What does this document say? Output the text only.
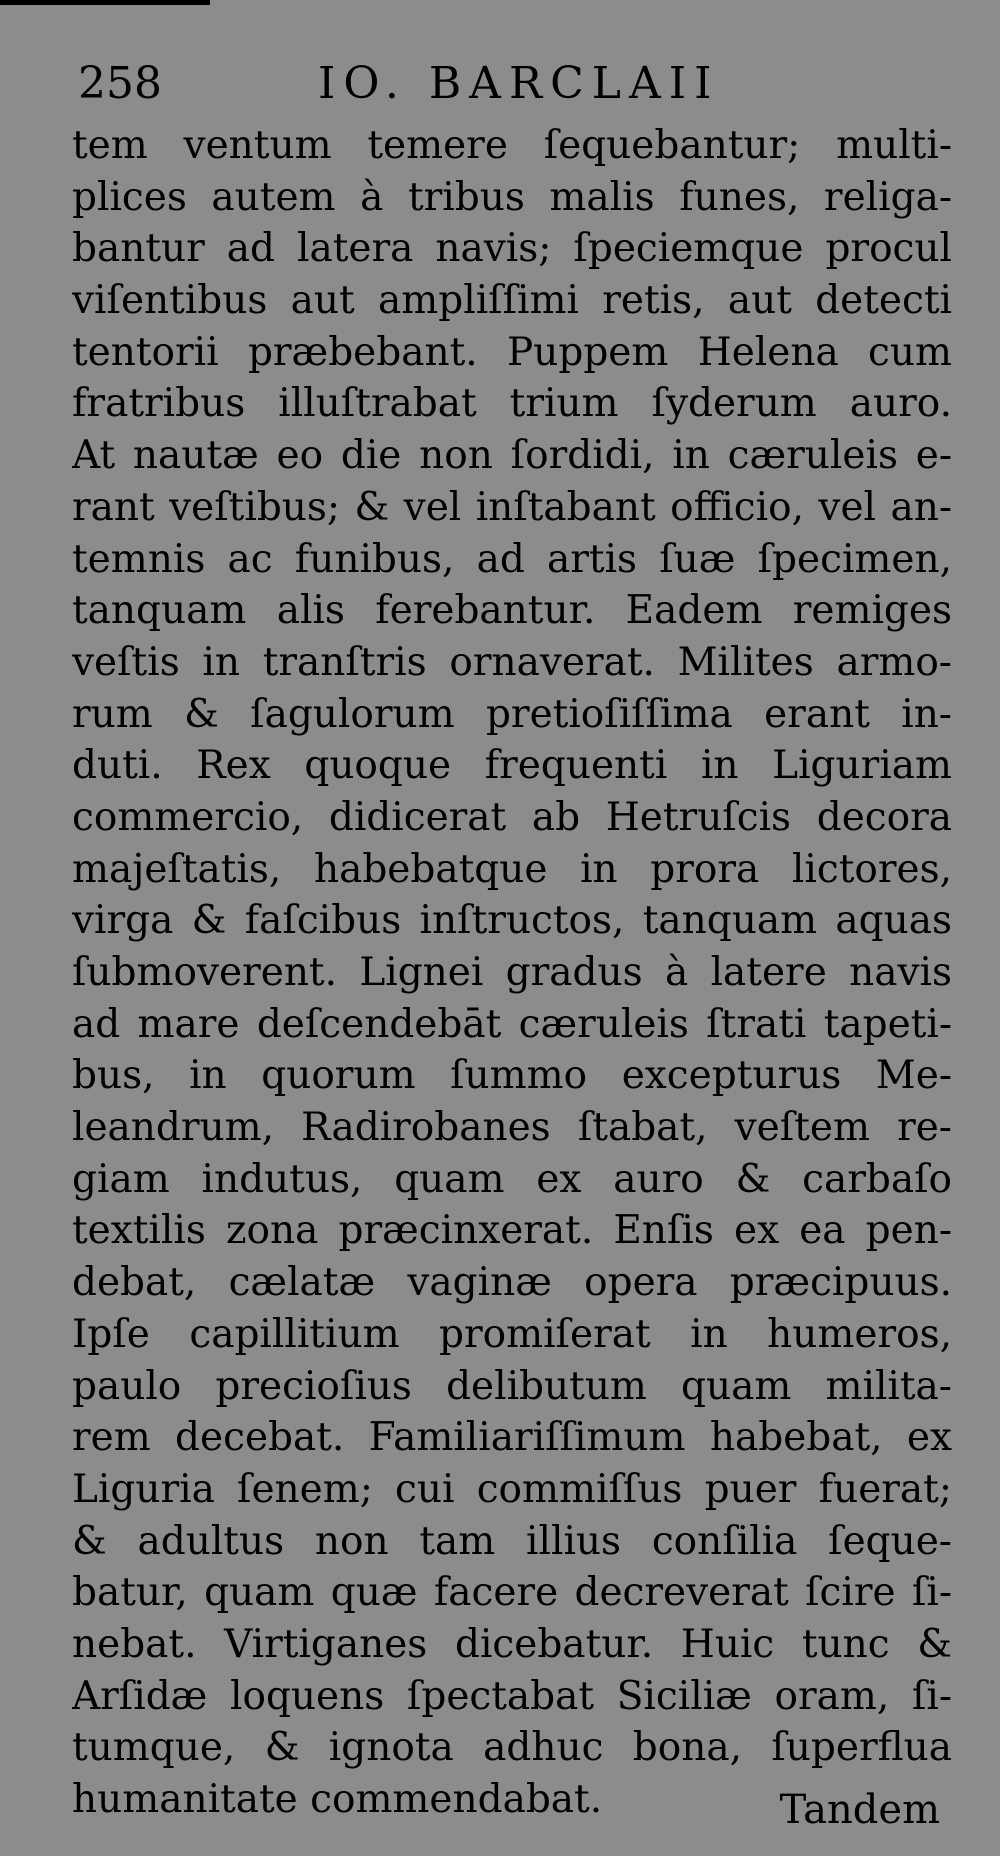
258	IO. BARCLAII
tem ventum temere ſequebantur; multi-
plices autem à tribus malis funes, religa-
bantur ad latera navis; ſpeciemque procul
viſentibus aut ampliſſimi retis, aut detecti
tentorii præbebant. Puppem Helena cum
fratribus illuſtrabat trium ſyderum auro.
At nautæ eo die non ſordidi, in cæruleis e-
rant veſtibus; & vel inſtabant officio, vel an-
temnis ac funibus, ad artis ſuæ ſpecimen,
tanquam alis ferebantur. Eadem remiges
veſtis in tranſtris ornaverat. Milites armo-
rum & ſagulorum pretioſiſſima erant in-
duti. Rex quoque frequenti in Liguriam
commercio, didicerat ab Hetruſcis decora
majeſtatis, habebatque in prora lictores,
virga & faſcibus inſtructos, tanquam aquas
ſubmoverent. Lignei gradus à latere navis
ad mare deſcendebāt cæruleis ſtrati tapeti-
bus, in quorum ſummo excepturus Me-
leandrum, Radirobanes ſtabat, veſtem re-
giam indutus, quam ex auro & carbaſo
textilis zona præcinxerat. Enſis ex ea pen-
debat, cælatæ vaginæ opera præcipuus.
Ipſe capillitium promiſerat in humeros,
paulo precioſius delibutum quam milita-
rem decebat. Familiariſſimum habebat, ex
Liguria ſenem; cui commiſſus puer fuerat;
& adultus non tam illius conſilia ſeque-
batur, quam quæ facere decreverat ſcire ſi-
nebat. Virtiganes dicebatur. Huic tunc &
Arſidæ loquens ſpectabat Siciliæ oram, ſi-
tumque, & ignota adhuc bona, ſuperflua
humanitate commendabat.	Tandem
